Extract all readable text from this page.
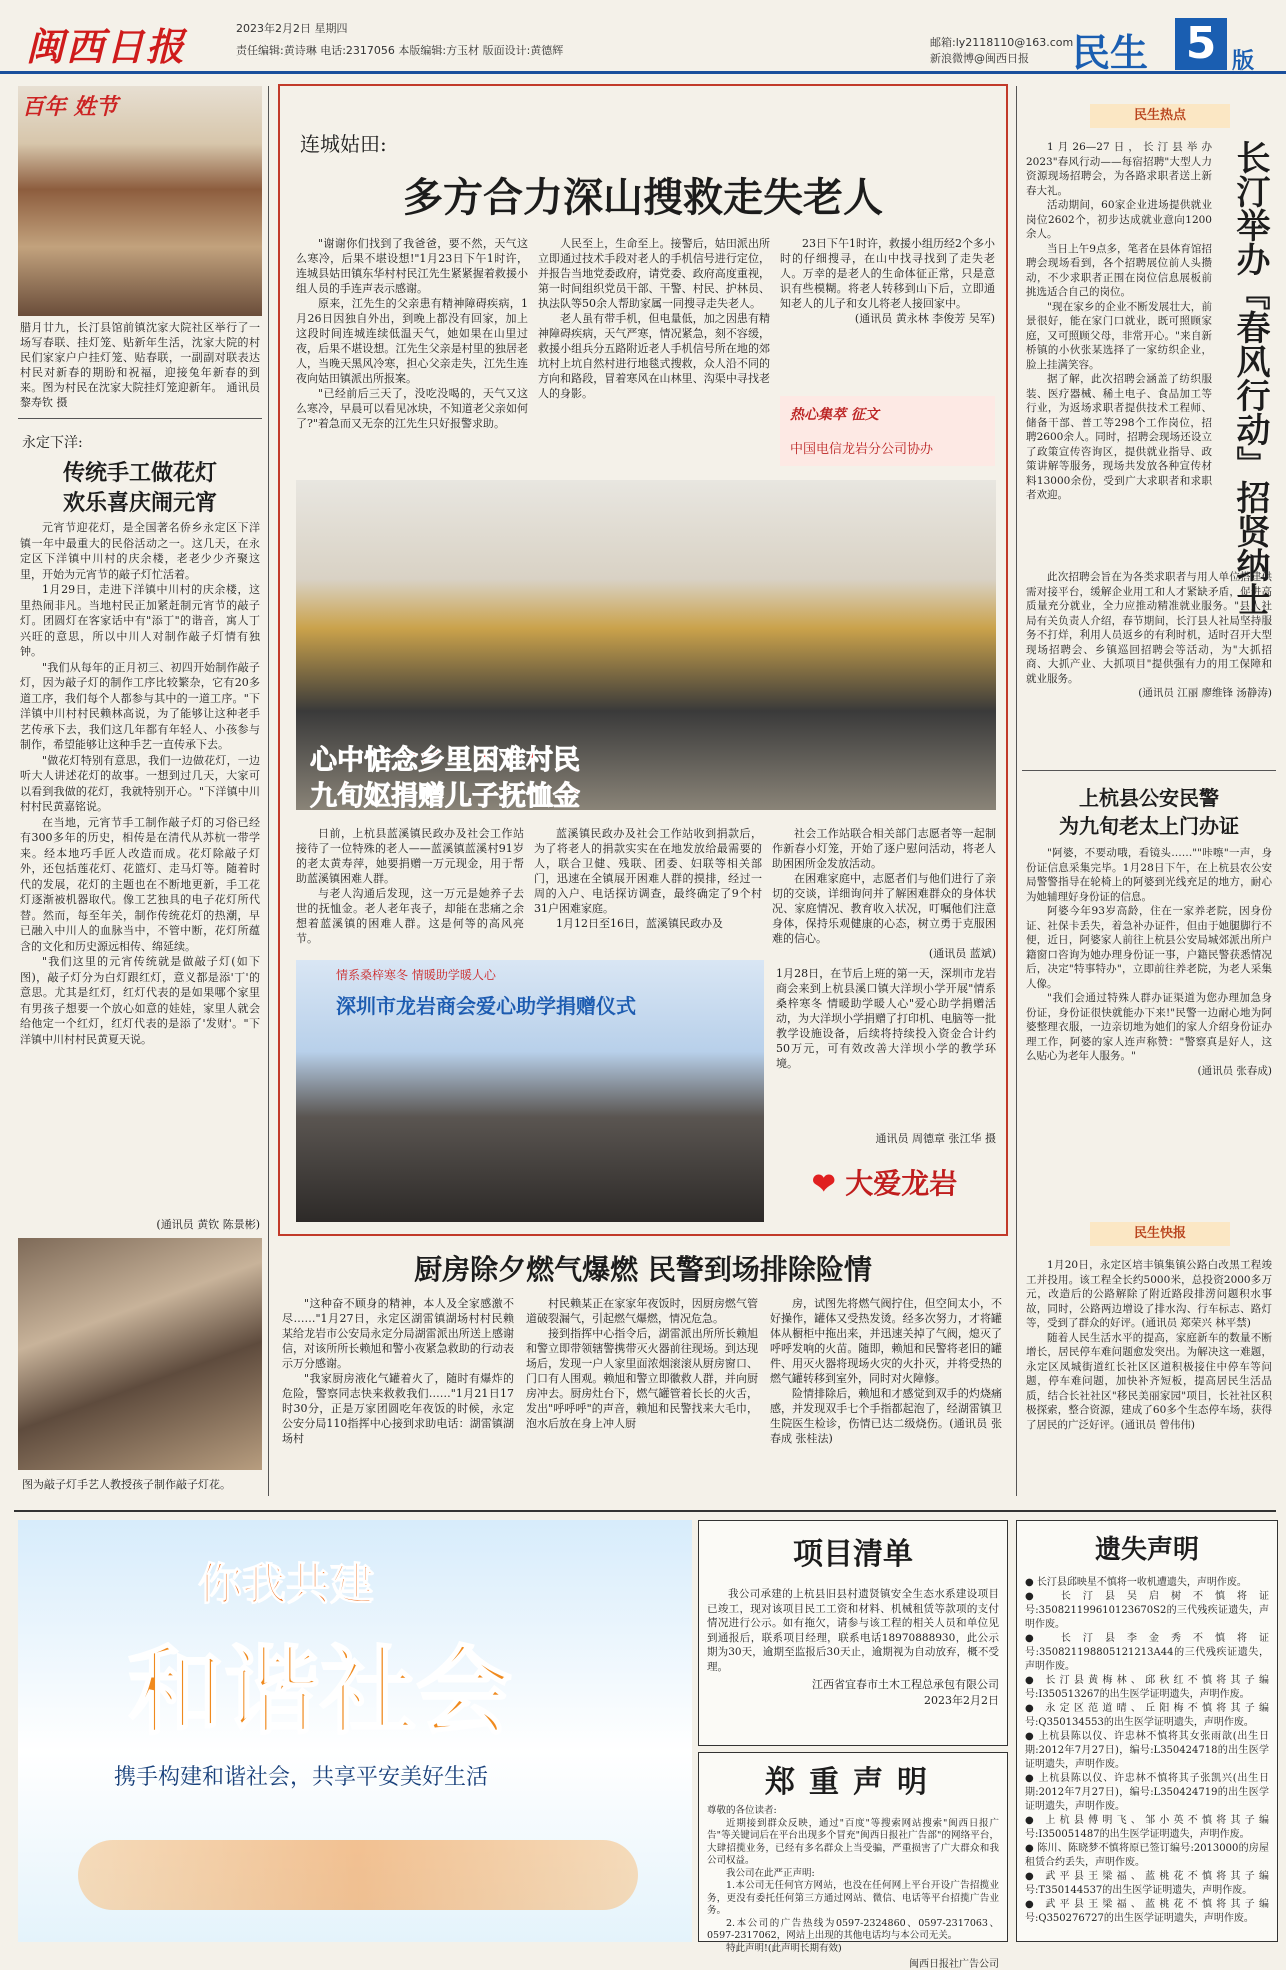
闽西日报	2023年2月2日 星期四
责任编辑:黄诗琳 电话:2317056 本版编辑:方玉材 版面设计:黄德辉
邮箱:ly2118110@163.com
新浪微博@闽西日报 民生 5 版
百年 姓节
腊月廿九，长汀县馆前镇沈家大院社区举行了一场写春联、挂灯笼、贴新年生活，沈家大院的村民们家家户户挂灯笼、贴春联，一副副对联表达村民对新春的期盼和祝福，迎接兔年新春的到来。图为村民在沈家大院挂灯笼迎新年。 通讯员 黎寿钦 摄
永定下洋:
传统手工做花灯
欢乐喜庆闹元宵

元宵节迎花灯，是全国著名侨乡永定区下洋镇一年中最重大的民俗活动之一。这几天，在永定区下洋镇中川村的庆余楼，老老少少齐聚这里，开始为元宵节的敲子灯忙活着。

1月29日，走进下洋镇中川村的庆余楼，这里热闹非凡。当地村民正加紧赶制元宵节的敲子灯。团圆灯在客家话中有"添丁"的谐音，寓人丁兴旺的意思，所以中川人对制作敲子灯情有独钟。

"我们从每年的正月初三、初四开始制作敲子灯，因为敲子灯的制作工序比较繁杂，它有20多道工序，我们每个人都参与其中的一道工序。"下洋镇中川村村民赖林高说，为了能够让这种老手艺传承下去，我们这几年都有年轻人、小孩参与制作，希望能够让这种手艺一直传承下去。

"做花灯特别有意思，我们一边做花灯，一边听大人讲述花灯的故事。一想到过几天，大家可以看到我做的花灯，我就特别开心。"下洋镇中川村村民黄嘉铭说。

在当地，元宵节手工制作敲子灯的习俗已经有300多年的历史，相传是在清代从苏杭一带学来。经本地巧手匠人改造而成。花灯除敲子灯外，还包括莲花灯、花篮灯、走马灯等。随着时代的发展，花灯的主题也在不断地更新，手工花灯逐渐被机器取代。像工艺独具的电子花灯所代替。然而，每至年关，制作传统花灯的热潮，早已融入中川人的血脉当中，不管中断，花灯所蕴含的文化和历史源远相传、绵延续。

"我们这里的元宵传统就是做敲子灯(如下图)，敲子灯分为白灯跟红灯，意义都是添'丁'的意思。尤其是红灯，红灯代表的是如果哪个家里有男孩子想要一个放心如意的娃娃，家里人就会给他定一个红灯，红灯代表的是添了'发财'。"下洋镇中川村村民黄夏天说。

(通讯员 黄钦 陈景彬)
图为敲子灯手艺人教授孩子制作敲子灯花。
连城姑田:
多方合力深山搜救走失老人

"谢谢你们找到了我爸爸，要不然，天气这么寒冷，后果不堪设想!"1月23日下午1时许，连城县姑田镇东华村村民江先生紧紧握着救援小组人员的手连声表示感谢。

原来，江先生的父亲患有精神障碍疾病，1月26日因独自外出，到晚上都没有回家，加上这段时间连城连续低温天气，她如果在山里过夜，后果不堪设想。江先生父亲是村里的独居老人，当晚天黑风冷寒，担心父亲走失，江先生连夜向姑田镇派出所报案。

"已经前后三天了，没吃没喝的，天气又这么寒冷，早晨可以看见冰块，不知道老父亲如何了?"着急而又无奈的江先生只好报警求助。

人民至上，生命至上。接警后，姑田派出所立即通过技术手段对老人的手机信号进行定位，并报告当地党委政府，请党委、政府高度重视，第一时间组织党员干部、干警、村民、护林员、执法队等50余人帮助家属一同搜寻走失老人。

老人虽有带手机，但电量低，加之因患有精神障碍疾病，天气严寒，情况紧急，刻不容缓，救援小组兵分五路附近老人手机信号所在地的郊坑村上坑自然村进行地毯式搜救，众人沿不同的方向和路段，冒着寒风在山林里、沟渠中寻找老人的身影。

23日下午1时许，救援小组历经2个多小时的仔细搜寻，在山中找寻找到了走失老人。万幸的是老人的生命体征正常，只是意识有些模糊。将老人转移到山下后，立即通知老人的儿子和女儿将老人接回家中。

(通讯员 黄永林 李俊芳 吴军)

热心集萃 征文
中国电信龙岩分公司协办
心中惦念乡里困难村民
九旬妪捐赠儿子抚恤金

日前，上杭县蓝溪镇民政办及社会工作站接待了一位特殊的老人——蓝溪镇蓝溪村91岁的老太黄寿萍，她要捐赠一万元现金，用于帮助蓝溪镇困难人群。

与老人沟通后发现，这一万元是她养子去世的抚恤金。老人老年丧子，却能在悲痛之余想着蓝溪镇的困难人群。这是何等的高风亮节。

蓝溪镇民政办及社会工作站收到捐款后，为了将老人的捐款实实在在地发放给最需要的人，联合卫健、残联、团委、妇联等相关部门，迅速在全镇展开困难人群的摸排，经过一周的入户、电话探访调查，最终确定了9个村31户困难家庭。

1月12日至16日，蓝溪镇民政办及

社会工作站联合相关部门志愿者等一起制作新春小灯笼，开始了逐户慰问活动，将老人助困困所金发放活动。

在困难家庭中，志愿者们与他们进行了亲切的交谈，详细询问并了解困难群众的身体状况、家庭情况、教育收入状况，叮嘱他们注意身体，保持乐观健康的心态，树立勇于克服困难的信心。

(通讯员 蓝斌)

情系桑梓寒冬 情暖助学暖人心
深圳市龙岩商会爱心助学捐赠仪式
1月28日，在节后上班的第一天，深圳市龙岩商会来到上杭县溪口镇大洋坝小学开展"情系桑梓寒冬 情暖助学暖人心"爱心助学捐赠活动，为大洋坝小学捐赠了打印机、电脑等一批教学设施设备，后续将持续投入资金合计约50万元，可有效改善大洋坝小学的教学环境。
通讯员 周德章 张江华 摄
❤ 大爱龙岩
厨房除夕燃气爆燃 民警到场排除险情

"这种奋不顾身的精神，本人及全家感激不尽……"1月27日，永定区湖雷镇湖场村村民赖某给龙岩市公安局永定分局湖雷派出所送上感谢信，对该所所长赖旭和警小夜紧急救助的行动表示万分感谢。

"我家厨房液化气罐着火了，随时有爆炸的危险，警察同志快来救救我们……"1月21日17时30分，正是万家团圆吃年夜饭的时候，永定公安分局110指挥中心接到求助电话：湖雷镇湖场村

村民赖某正在家家年夜饭时，因厨房燃气管道破裂漏气，引起燃气爆燃，情况危急。

接到指挥中心指令后，湖雷派出所所长赖旭和警立即带领辖警携带灭火器前往现场。到达现场后，发现一户人家里面浓烟滚滚从厨房窗口、门口有人围观。赖旭和警立即徽救人群，并向厨房冲去。厨房灶台下，燃气罐管着长长的火舌，发出"呼呼呼"的声音，赖旭和民警找来大毛巾，泡水后放在身上冲人厨

房，试图先将燃气阀拧住，但空间太小，不好操作，罐体又受热发烫。经多次努力，才将罐体从橱柜中拖出来，并迅速关掉了气阀，熄灭了呼呼发响的火苗。随即，赖旭和民警将老旧的罐件、用灭火器将现场火灾的火扑灭，并将受热的燃气罐转移到室外，同时对火障修。

险情排除后，赖旭和才感觉到双手的灼烧痛感，并发现双手七个手指都起泡了，经湖雷镇卫生院医生检诊，伤情已达二级烧伤。(通讯员 张春成 张桂法)

民生热点
长汀举办『春风行动』招贤纳士

1月26—27日，长汀县举办2023"春风行动——每宿招聘"大型人力资源现场招聘会，为各路求职者送上新春大礼。

活动期间，60家企业进场提供就业岗位2602个，初步达成就业意向1200余人。

当日上午9点多，笔者在县体育馆招聘会现场看到，各个招聘展位前人头攒动，不少求职者正围在岗位信息展板前挑选适合自己的岗位。

"现在家乡的企业不断发展壮大，前景很好，能在家门口就业，既可照顾家庭，又可照顾父母，非常开心。"来自新桥镇的小伙张某选择了一家纺织企业，脸上挂满笑容。

据了解，此次招聘会涵盖了纺织服装、医疗器械、稀土电子、食品加工等行业，为返场求职者提供技术工程师、储备干部、普工等298个工作岗位，招聘2600余人。同时，招聘会现场还设立了政策宣传咨询区，提供就业指导、政策讲解等服务，现场共发放各种宣传材料13000余份，受到广大求职者和求职者欢迎。

此次招聘会旨在为各类求职者与用人单位搭建供需对接平台，缓解企业用工和人才紧缺矛盾，促进高质量充分就业，全力应推动精准就业服务。"县人社局有关负责人介绍，春节期间，长汀县人社局坚持服务不打烊，利用人员返乡的有利时机，适时召开大型现场招聘会、乡镇巡回招聘会等活动，为"大抓招商、大抓产业、大抓项目"提供强有力的用工保障和就业服务。

(通讯员 江丽 廖维锋 汤静涛)

上杭县公安民警
为九旬老太上门办证

"阿婆，不要动哦，看镜头……""咔嚓"一声，身份证信息采集完毕。1月28日下午，在上杭县农公安局警警指导在轮椅上的阿婆到光线充足的地方，耐心为她辅理好身份证的信息。

阿婆今年93岁高龄，住在一家养老院，因身份证、社保卡丢失，着急补办证件，但由于她腿脚行不便，近日，阿婆家人前往上杭县公安局城郊派出所户籍窗口咨询为她办理身份证一事，户籍民警获悉情况后，决定"特事特办"，立即前往养老院，为老人采集人像。

"我们会通过特殊人群办证渠道为您办理加急身份证，身份证很快就能办下来!"民警一边耐心地为阿婆整理衣服，一边亲切地为她们的家人介绍身份证办理工作，阿婆的家人连声称赞："警察真是好人，这么贴心为老年人服务。"

(通讯员 张春成)

民生快报

1月20日，永定区培丰镇集镇公路白改黑工程竣工并投用。该工程全长约5000米，总投资2000多万元，改造后的公路解除了附近路段排涝问题积水事故，同时，公路两边增设了排水沟、行车标志、路灯等，受到了群众的好评。(通讯员 郑荣兴 林平禁)

随着人民生活水平的提高，家庭新车的数量不断增长，居民停车难问题愈发突出。为解决这一难题，永定区凤城街道红长社区区道积极接住中停车等问题，停车难问题，加快补齐短板，提高居民生活品质，结合长社社区"移民美丽家园"项目，长社社区积极探索，整合资源，建成了60多个生态停车场，获得了居民的广泛好评。(通讯员 曾伟伟)

你我共建
和谐社会
携手构建和谐社会，共享平安美好生活
项目清单

我公司承建的上杭县旧县村遗贤镇安全生态水系建设项目已竣工，现对该项目民工工资和材料、机械租赁等款项的支付情况进行公示。如有拖欠，请参与该工程的相关人员和单位见到通报后，联系项目经理，联系电话18970888930，此公示期为30天，逾期至监报后30天止，逾期视为自动放弃，概不受理。

江西省宜春市土木工程总承包有限公司
2023年2月2日
郑重声明
尊敬的各位读者:

近期接到群众反映，通过"百度"等搜索网站搜索"闽西日报广告"等关键词后在平台出现多个冒充"闽西日报社广告部"的网络平台，大肆招揽业务，已经有多名群众上当受骗，严重损害了广大群众和我公司权益。

我公司在此严正声明:

1.本公司无任何官方网站，也没在任何网上平台开设广告招揽业务，更没有委托任何第三方通过网站、微信、电话等平台招揽广告业务。

2.本公司的广告热线为0597-2324860、0597-2317063、0597-2317062，网站上出现的其他电话均与本公司无关。

特此声明!(此声明长期有效)

闽西日报社广告公司
遗失声明
● 长汀县邱映星不慎将一收机遭遗失，声明作废。
● 长汀县吴启树不慎将证号:350821199610123670S2的三代残疾证遗失，声明作废。
● 长汀县李金秀不慎将证号:350821198805121213A44的三代残疾证遗失，声明作废。
● 长汀县黄梅林、邱秋红不慎将其子编号:I350513267的出生医学证明遗失，声明作废。
● 永定区范道晴、丘阳梅不慎将其子编号:Q350134553的出生医学证明遗失，声明作废。
● 上杭县陈以仪、许忠林不慎将其女张雨歆(出生日期:2012年7月27日)，编号:L350424718的出生医学证明遗失，声明作废。
● 上杭县陈以仪、许忠林不慎将其子张凯兴(出生日期:2012年7月27日)，编号:L350424719的出生医学证明遗失，声明作废。
● 上杭县傅明飞、邹小英不慎将其子编号:I350051487的出生医学证明遗失，声明作废。
● 陈川、陈晓梦不慎将原已签订编号:2013000的房屋租赁合约丢失，声明作废。
● 武平县王梁福、蓝桃花不慎将其子编号:T350144537的出生医学证明遗失，声明作废。
● 武平县王梁福、蓝桃花不慎将其子编号:Q350276727的出生医学证明遗失，声明作废。
